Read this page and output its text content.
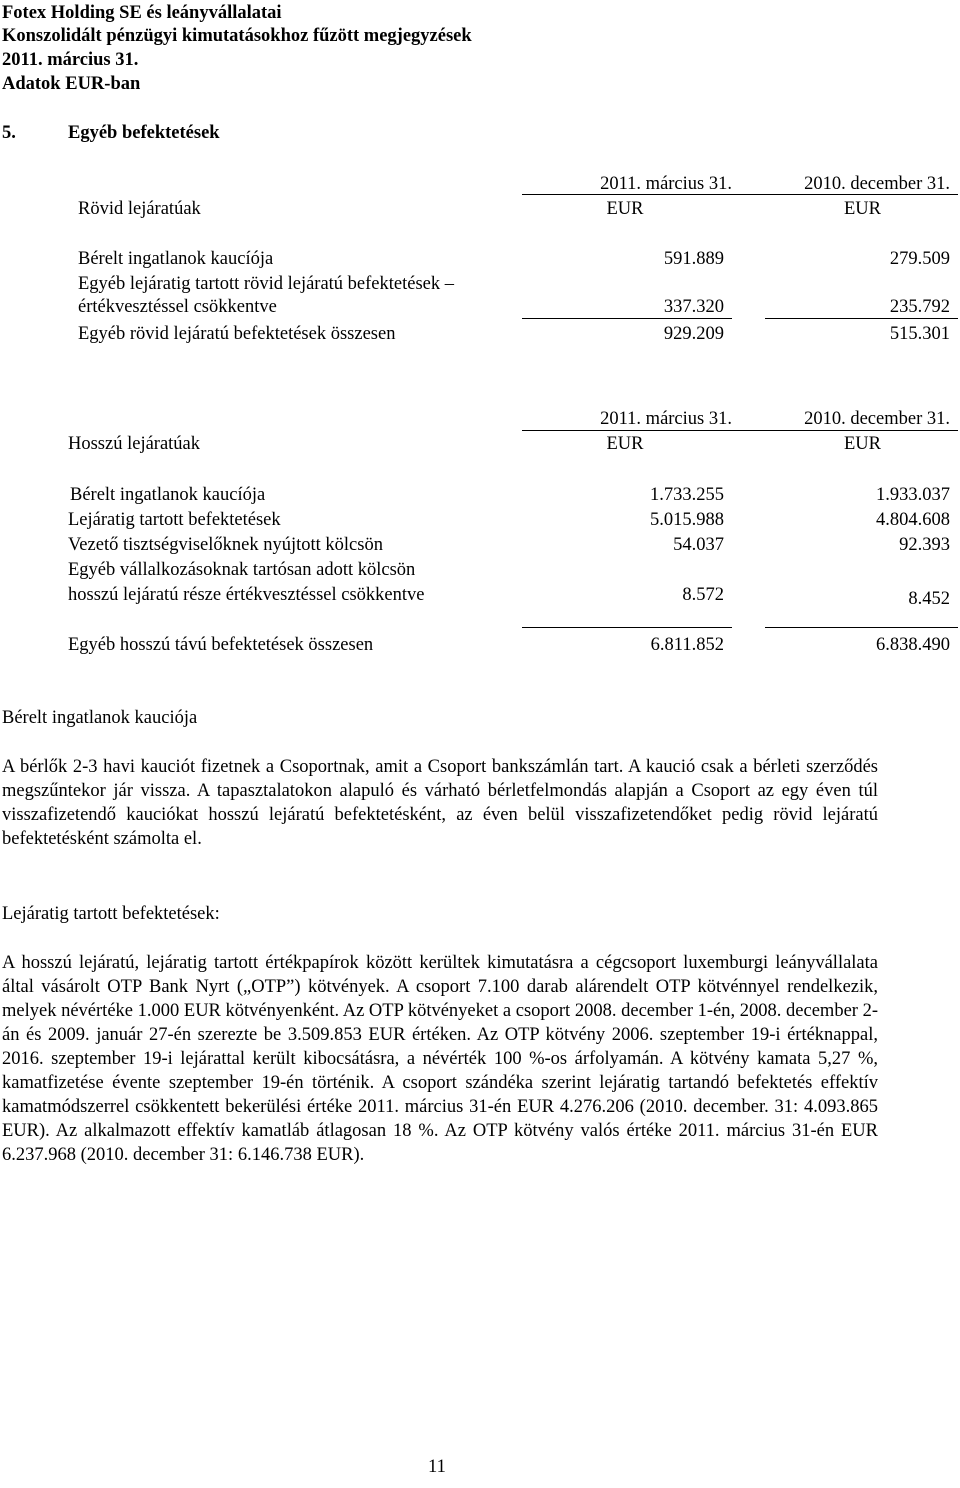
Fotex Holding SE és leányvállalatai
Konszolidált pénzügyi kimutatásokhoz fűzött megjegyzések
2011. március 31.
Adatok EUR-ban
5.	Egyéb befektetések
2011. március 31.	2010. december 31.
Rövid lejáratúak	EUR	EUR
Bérelt ingatlanok kaucíója	591.889	279.509
Egyéb lejáratig tartott rövid lejáratú befektetések –
értékvesztéssel csökkentve	337.320	235.792
Egyéb rövid lejáratú befektetések összesen	929.209	515.301
2011. március 31.	2010. december 31.
Hosszú lejáratúak	EUR	EUR
Bérelt ingatlanok kaucíója	1.733.255	1.933.037
Lejáratig tartott befektetések	5.015.988	4.804.608
Vezető tisztségviselőknek nyújtott kölcsön	54.037	92.393
Egyéb vállalkozásoknak tartósan adott kölcsön
hosszú lejáratú része értékvesztéssel csökkentve	8.572	8.452
Egyéb hosszú távú befektetések összesen	6.811.852	6.838.490
Bérelt ingatlanok kauciója
A bérlők 2-3 havi kauciót fizetnek a Csoportnak, amit a Csoport bankszámlán tart. A kaució csak a bérleti szerződés megszűntekor jár vissza. A tapasztalatokon alapuló és várható bérletfelmondás alapján a Csoport az egy éven túl visszafizetendő kauciókat hosszú lejáratú befektetésként, az éven belül visszafizetendőket pedig rövid lejáratú befektetésként számolta el.
Lejáratig tartott befektetések:
A hosszú lejáratú, lejáratig tartott értékpapírok között kerültek kimutatásra a cégcsoport luxemburgi leányvállalata által vásárolt OTP Bank Nyrt („OTP”) kötvények. A csoport 7.100 darab alárendelt OTP kötvénnyel rendelkezik, melyek névértéke 1.000 EUR kötvényenként. Az OTP kötvényeket a csoport 2008. december 1-én, 2008. december 2-án és 2009. január 27-én szerezte be 3.509.853 EUR értéken. Az OTP kötvény 2006. szeptember 19-i értéknappal, 2016. szeptember 19-i lejárattal került kibocsátásra, a névérték 100 %-os árfolyamán. A kötvény kamata 5,27 %, kamatfizetése évente szeptember 19-én történik. A csoport szándéka szerint lejáratig tartandó befektetés effektív kamatmódszerrel csökkentett bekerülési értéke 2011. március 31-én EUR 4.276.206 (2010. december. 31: 4.093.865 EUR). Az alkalmazott effektív kamatláb átlagosan 18 %. Az OTP kötvény valós értéke 2011. március 31-én EUR 6.237.968 (2010. december 31: 6.146.738 EUR).
11
